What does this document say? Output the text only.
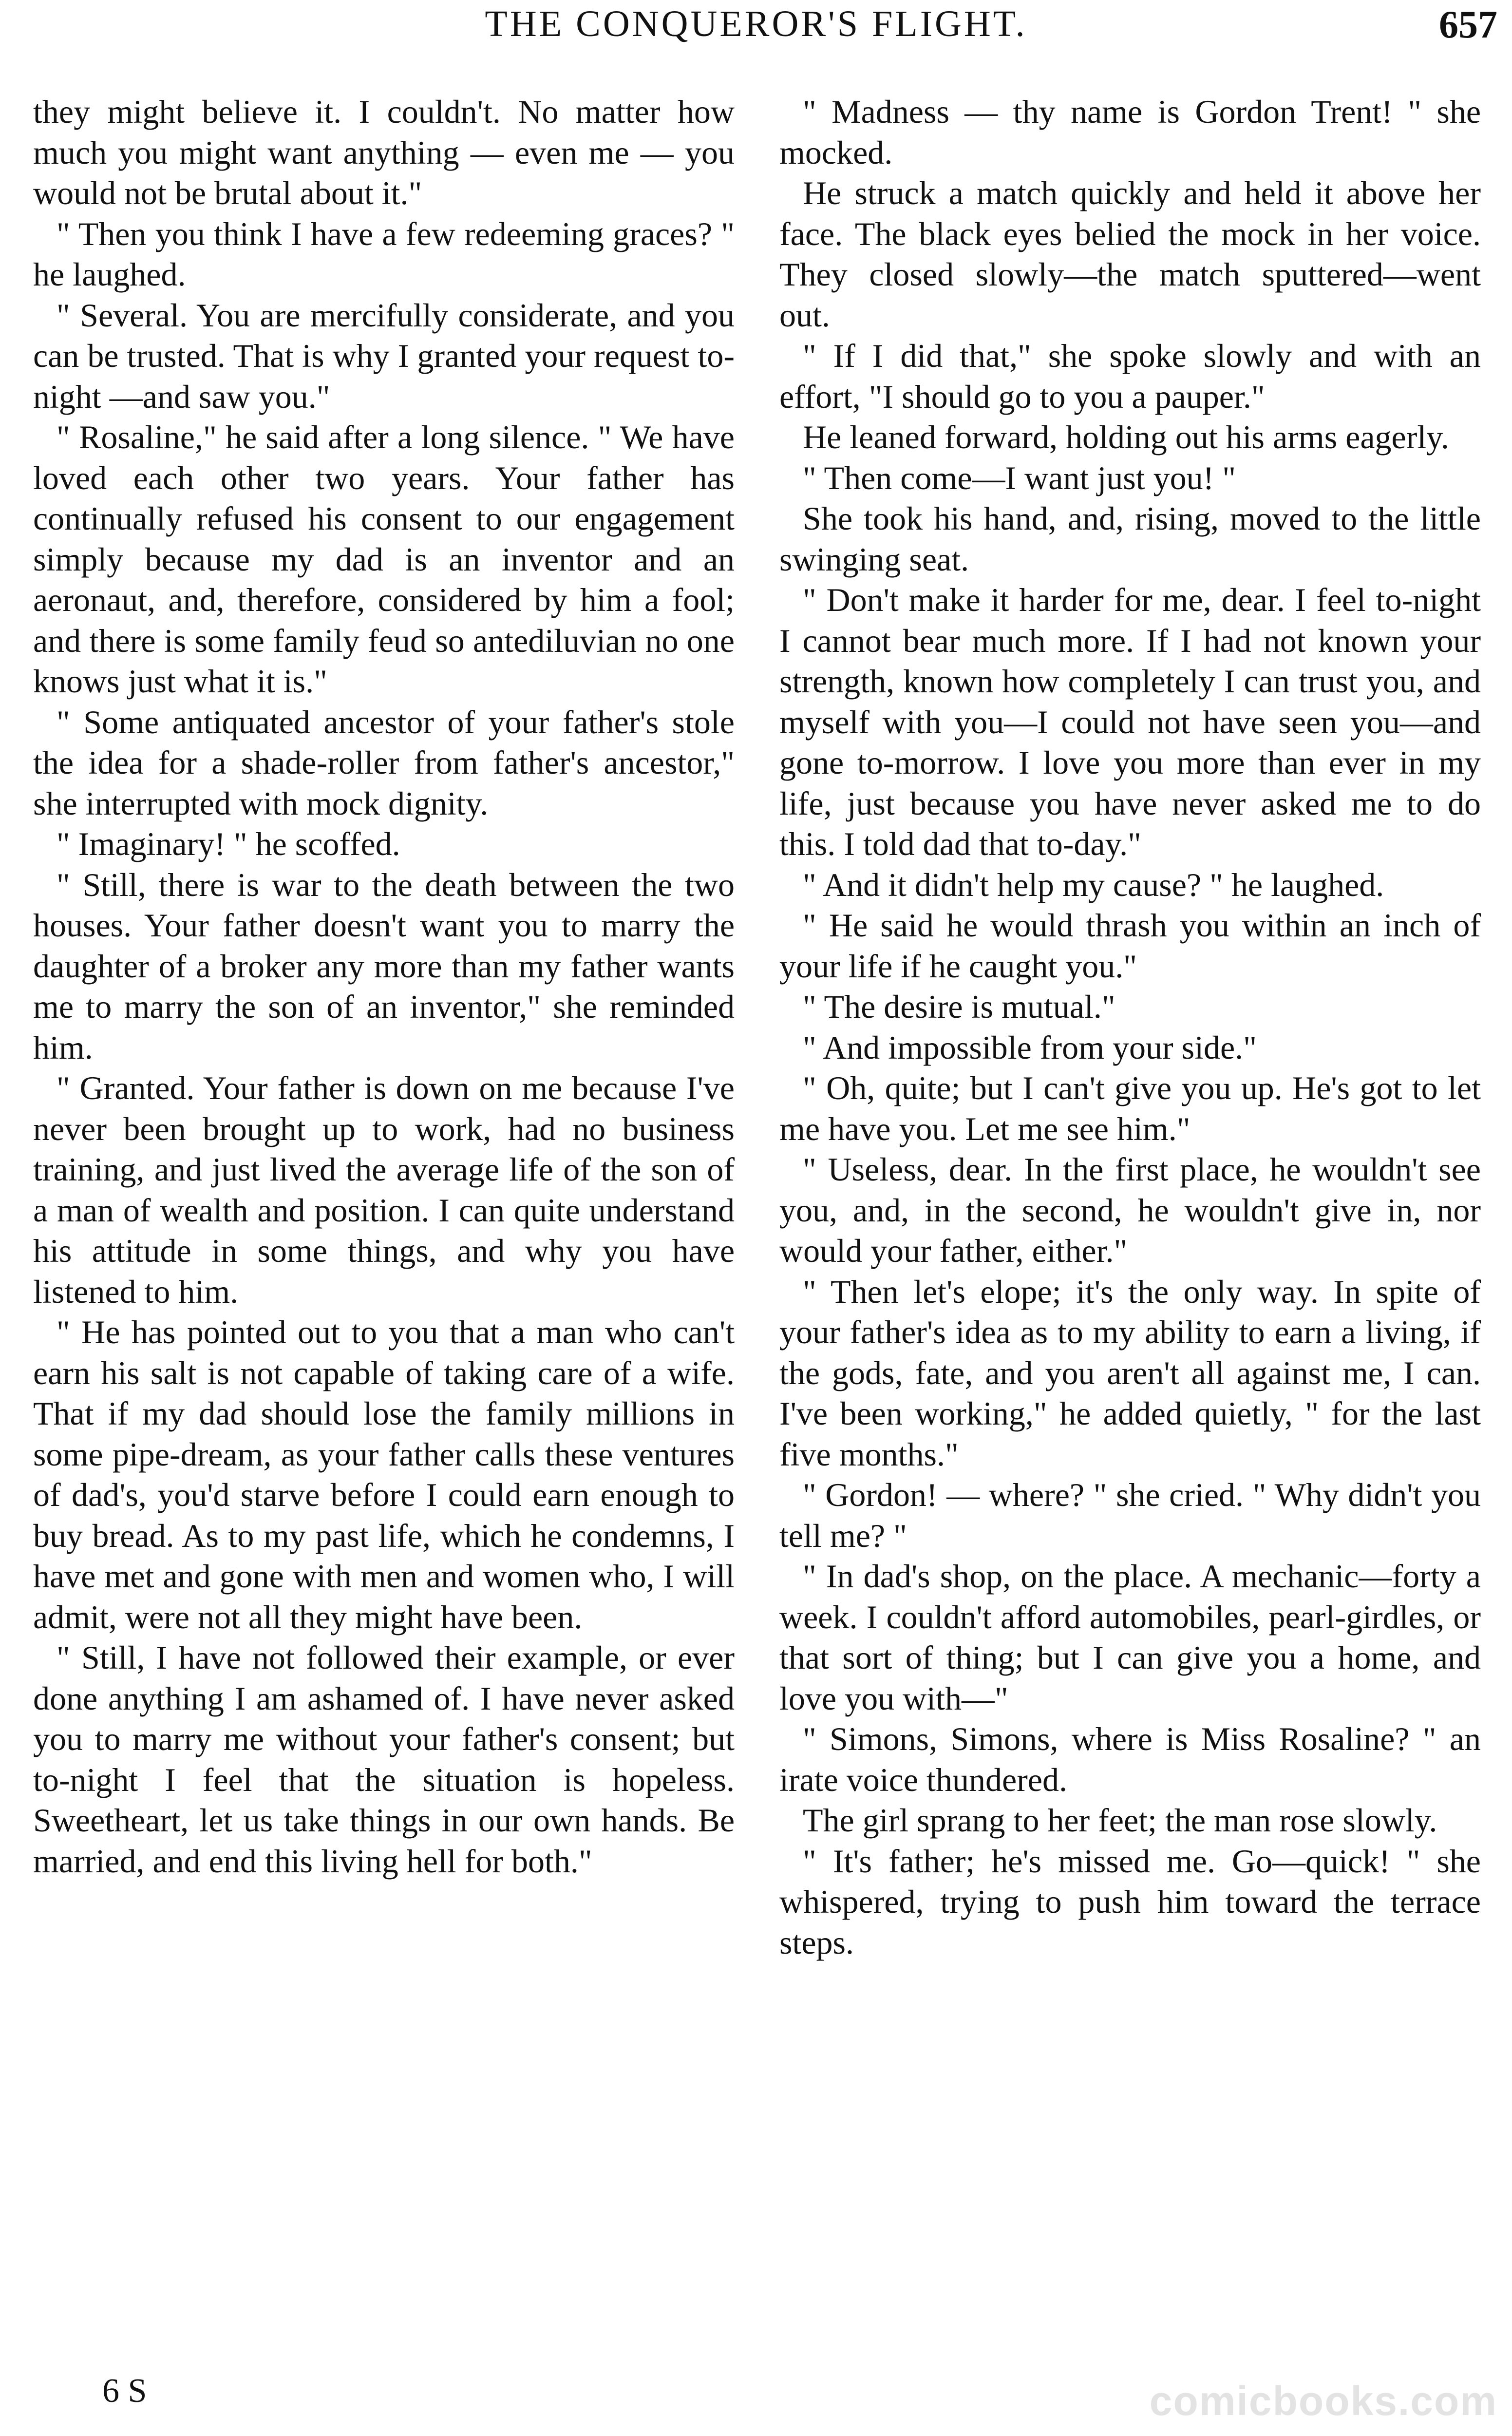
THE CONQUEROR'S FLIGHT.	657

they might believe it. I couldn't. No matter how much you might want anything — even me — you would not be brutal about it."

" Then you think I have a few redeeming graces? " he laughed.

" Several. You are mercifully considerate, and you can be trusted. That is why I granted your request to-night —and saw you."

" Rosaline," he said after a long silence. " We have loved each other two years. Your father has continually refused his consent to our engagement simply because my dad is an inventor and an aeronaut, and, therefore, considered by him a fool; and there is some family feud so antediluvian no one knows just what it is."

" Some antiquated ancestor of your father's stole the idea for a shade-roller from father's ancestor," she interrupted with mock dignity.

" Imaginary! " he scoffed.

" Still, there is war to the death between the two houses. Your father doesn't want you to marry the daughter of a broker any more than my father wants me to marry the son of an inventor," she reminded him.

" Granted. Your father is down on me because I've never been brought up to work, had no business training, and just lived the average life of the son of a man of wealth and position. I can quite understand his attitude in some things, and why you have listened to him.

" He has pointed out to you that a man who can't earn his salt is not capable of taking care of a wife. That if my dad should lose the family millions in some pipe-dream, as your father calls these ventures of dad's, you'd starve before I could earn enough to buy bread. As to my past life, which he condemns, I have met and gone with men and women who, I will admit, were not all they might have been.

" Still, I have not followed their example, or ever done anything I am ashamed of. I have never asked you to marry me without your father's consent; but to-night I feel that the situation is hopeless. Sweetheart, let us take things in our own hands. Be married, and end this living hell for both."

" Madness — thy name is Gordon Trent! " she mocked.

He struck a match quickly and held it above her face. The black eyes belied the mock in her voice. They closed slowly—the match sputtered—went out.

" If I did that," she spoke slowly and with an effort, "I should go to you a pauper."

He leaned forward, holding out his arms eagerly.

" Then come—I want just you! "

She took his hand, and, rising, moved to the little swinging seat.

" Don't make it harder for me, dear. I feel to-night I cannot bear much more. If I had not known your strength, known how completely I can trust you, and myself with you—I could not have seen you—and gone to-morrow. I love you more than ever in my life, just because you have never asked me to do this. I told dad that to-day."

" And it didn't help my cause? " he laughed.

" He said he would thrash you within an inch of your life if he caught you."

" The desire is mutual."

" And impossible from your side."

" Oh, quite; but I can't give you up. He's got to let me have you. Let me see him."

" Useless, dear. In the first place, he wouldn't see you, and, in the second, he wouldn't give in, nor would your father, either."

" Then let's elope; it's the only way. In spite of your father's idea as to my ability to earn a living, if the gods, fate, and you aren't all against me, I can. I've been working," he added quietly, " for the last five months."

" Gordon! — where? " she cried. " Why didn't you tell me? "

" In dad's shop, on the place. A mechanic—forty a week. I couldn't afford automobiles, pearl-girdles, or that sort of thing; but I can give you a home, and love you with—"

" Simons, Simons, where is Miss Rosaline? " an irate voice thundered.

The girl sprang to her feet; the man rose slowly.

" It's father; he's missed me. Go—quick! " she whispered, trying to push him toward the terrace steps.

6 S	comicbooks.com
